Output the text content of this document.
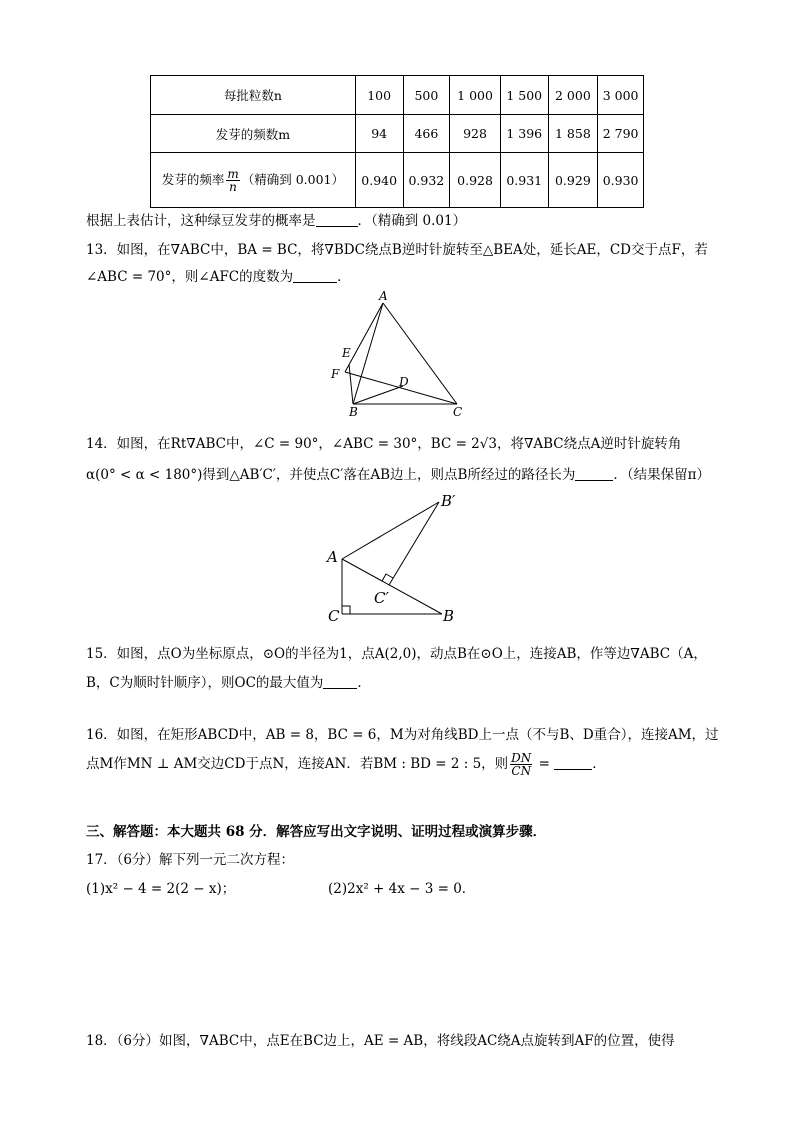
每批粒数n	100	500	1 000	1 500	2 000	3 000
发芽的频数m	94	466	928	1 396	1 858	2 790
发芽的频率 $\frac{m}{n}$ （精确到 0.001）	0.940	0.932	0.928	0.931	0.929	0.930
根据上表估计，这种绿豆发芽的概率是	．（精确到 0.01）
13．如图，在∇ABC中，BA = BC，将∇BDC绕点B逆时针旋转至△BEA处，延长AE，CD交于点F，若
∠ABC = 70°，则∠AFC的度数为	．
A
E
F
D
B	C
14．如图，在Rt∇ABC中，∠C = 90°，∠ABC = 30°，BC = 2√3，将∇ABC绕点A逆时针旋转角
α(0° < α < 180°)得到△AB′C′，并使点C′落在AB边上，则点B所经过的路径长为	．（结果保留π）
A
C	B
B′
C′
15．如图，点O为坐标原点，⊙O的半径为1，点A(2,0)，动点B在⊙O上，连接AB，作等边∇ABC（A，
B，C为顺时针顺序），则OC的最大值为	．
16．如图，在矩形ABCD中，AB = 8，BC = 6，M为对角线BD上一点（不与B、D重合），连接AM，过
点M作MN ⊥ AM交边CD于点N，连接AN．若BM : BD = 2 : 5，则 $\frac{DN}{CN}$ =	．
三、解答题：本大题共 68 分．解答应写出文字说明、证明过程或演算步骤．
17．（6分）解下列一元二次方程：
(1)x² − 4 = 2(2 − x)；	(2)2x² + 4x − 3 = 0．
18．（6分）如图，∇ABC中，点E在BC边上，AE = AB，将线段AC绕A点旋转到AF的位置，使得
